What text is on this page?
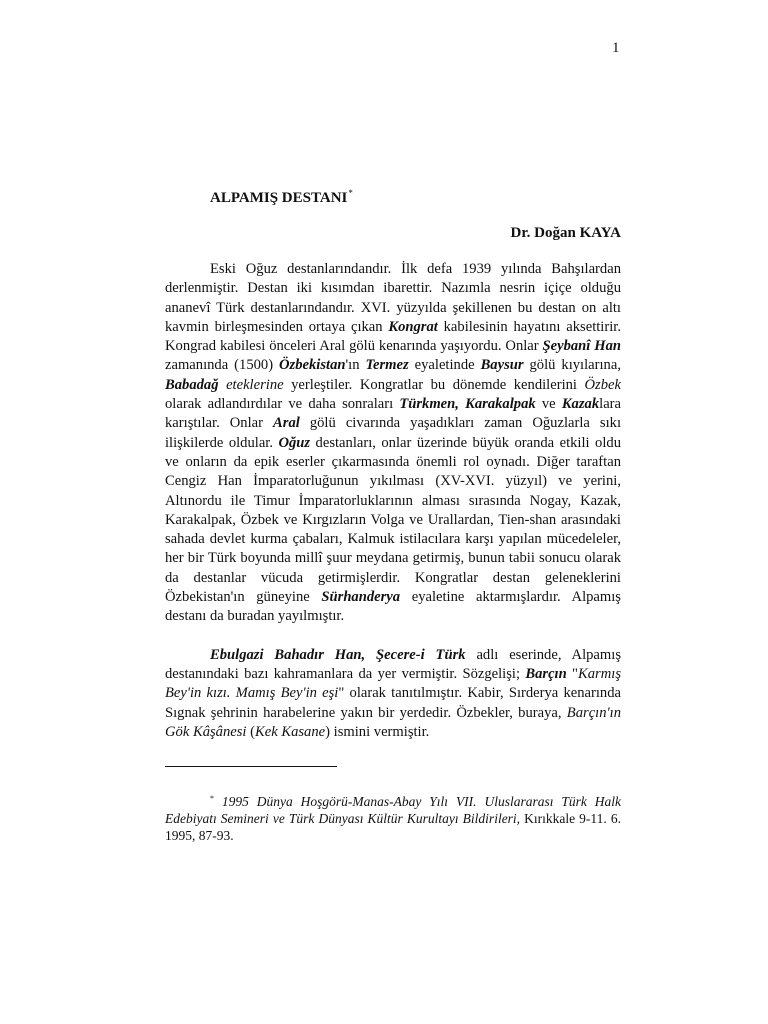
1
ALPAMIŞ DESTANI*
Dr. Doğan KAYA

Eski Oğuz destanlarındandır. İlk defa 1939 yılında Bahşılardan derlenmiştir. Destan iki kısımdan ibarettir. Nazımla nesrin içiçe olduğu ananevî Türk destanlarındandır. XVI. yüzyılda şekillenen bu destan on altı kavmin birleşmesinden ortaya çıkan Kongrat kabilesinin hayatını aksettirir. Kongrad kabilesi önceleri Aral gölü kenarında yaşıyordu. Onlar Şeybanî Han zamanında (1500) Özbekistan'ın Termez eyaletinde Baysur gölü kıyılarına, Babadağ eteklerine yerleştiler. Kongratlar bu dönemde kendilerini Özbek olarak adlandırdılar ve daha sonraları Türkmen, Karakalpak ve Kazaklara karıştılar. Onlar Aral gölü civarında yaşadıkları zaman Oğuzlarla sıkı ilişkilerde oldular. Oğuz destanları, onlar üzerinde büyük oranda etkili oldu ve onların da epik eserler çıkarmasında önemli rol oynadı. Diğer taraftan Cengiz Han İmparatorluğunun yıkılması (XV-XVI. yüzyıl) ve yerini, Altınordu ile Timur İmparatorluklarının alması sırasında Nogay, Kazak, Karakalpak, Özbek ve Kırgızların Volga ve Urallardan, Tien-shan arasındaki sahada devlet kurma çabaları, Kalmuk istilacılara karşı yapılan mücedeleler, her bir Türk boyunda millî şuur meydana getirmiş, bunun tabii sonucu olarak da destanlar vücuda getirmişlerdir. Kongratlar destan geleneklerini Özbekistan'ın güneyine Sürhanderya eyaletine aktarmışlardır. Alpamış destanı da buradan yayılmıştır.

Ebulgazi Bahadır Han, Şecere-i Türk adlı eserinde, Alpamış destanındaki bazı kahramanlara da yer vermiştir. Sözgelişi; Barçın "Karmış Bey'in kızı. Mamış Bey'in eşi" olarak tanıtılmıştır. Kabir, Sırderya kenarında Sıgnak şehrinin harabelerine yakın bir yerdedir. Özbekler, buraya, Barçın'ın Gök Kâşânesi (Kek Kasane) ismini vermiştir.

* 1995 Dünya Hoşgörü-Manas-Abay Yılı VII. Uluslararası Türk Halk Edebiyatı Semineri ve Türk Dünyası Kültür Kurultayı Bildirileri, Kırıkkale 9-11. 6. 1995, 87-93.
